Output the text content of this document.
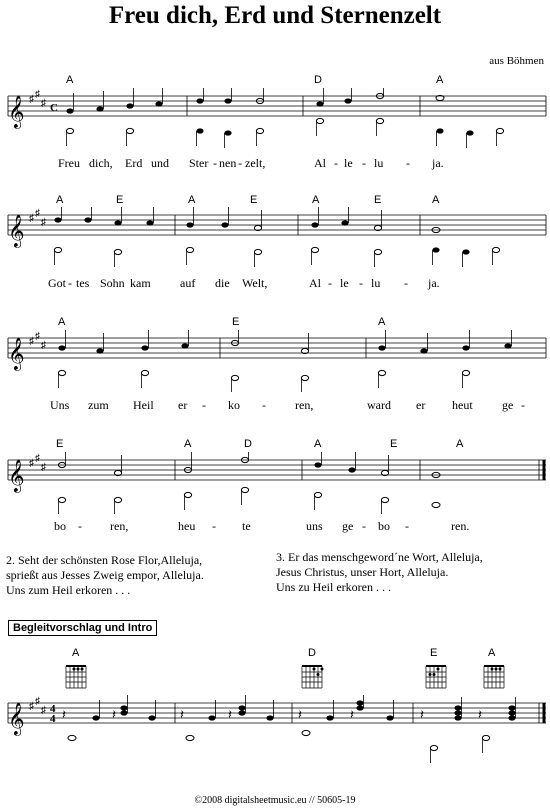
Freu dich, Erd und Sternenzelt
aus Böhmen
𝄞 ♯ ♯
♯ C
A	D	A
Freu dich, Erd und Ster - nen - zelt,	Al - le - lu - ja.
𝄞 ♯ ♯
♯
A	E	A	E	A	E	A
Got - tes Sohn kam auf die Welt,	Al - le - lu - ja.
𝄞 ♯ ♯
♯
A	E	A
Uns zum Heil er - ko - ren,	ward er heut ge -
𝄞 ♯ ♯
♯
E	A	D	A	E	A
bo - ren,	heu - te	uns ge - bo -	ren.
2. Seht der schönsten Rose Flor,Alleluja,
sprießt aus Jesses Zweig empor, Alleluja.
Uns zum Heil erkoren . . .
3. Er das menschgeword´ne Wort, Alleluja,
Jesus Christus, unser Hort, Alleluja.
Uns zu Heil erkoren . . .
Begleitvorschlag und Intro
A	D	E	A
𝄞 ♯ ♯
♯ 4
4 𝄽	𝄽	𝄽	𝄽	𝄽	𝄽	𝄽	𝄽
©2008 digitalsheetmusic.eu // 50605-19
